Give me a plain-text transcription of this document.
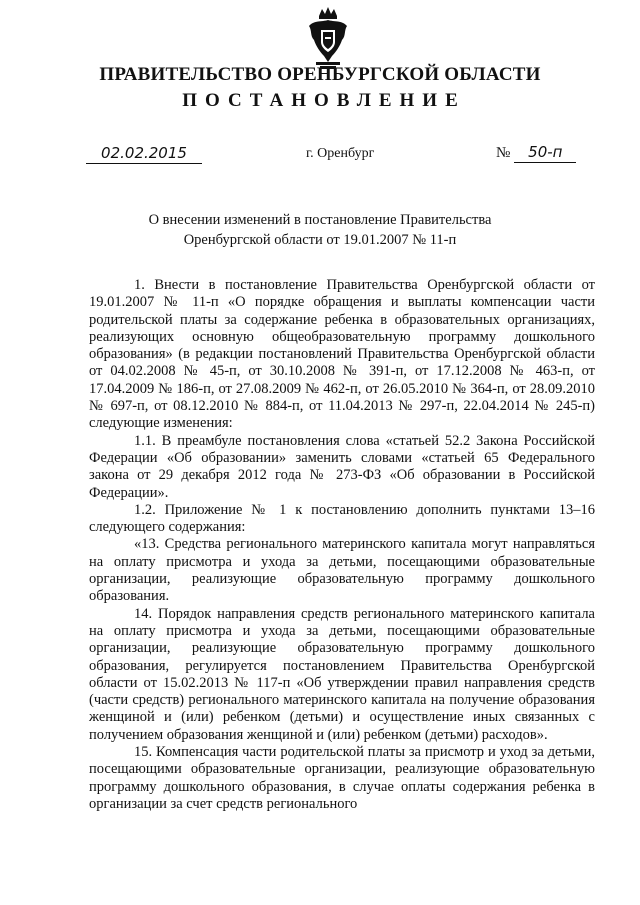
ПРАВИТЕЛЬСТВО ОРЕНБУРГСКОЙ ОБЛАСТИ
ПОСТАНОВЛЕНИЕ
02.02.2015	г. Оренбург	№ 50-п
О внесении изменений в постановление Правительства
Оренбургской области от 19.01.2007 № 11-п

1. Внести в постановление Правительства Оренбургской области от 19.01.2007 № 11-п «О порядке обращения и выплаты компенсации части родительской платы за содержание ребенка в образовательных организациях, реализующих основную общеобразовательную программу дошкольного образования» (в редакции постановлений Правительства Оренбургской области от 04.02.2008 № 45-п, от 30.10.2008 № 391-п, от 17.12.2008 № 463-п, от 17.04.2009 № 186-п, от 27.08.2009 № 462-п, от 26.05.2010 № 364-п, от 28.09.2010 № 697-п, от 08.12.2010 № 884-п, от 11.04.2013 № 297-п, 22.04.2014 № 245-п) следующие изменения:

1.1. В преамбуле постановления слова «статьей 52.2 Закона Российской Федерации «Об образовании» заменить словами «статьей 65 Федерального закона от 29 декабря 2012 года № 273-ФЗ «Об образовании в Российской Федерации».

1.2. Приложение № 1 к постановлению дополнить пунктами 13–16 следующего содержания:

«13. Средства регионального материнского капитала могут направляться на оплату присмотра и ухода за детьми, посещающими образовательные организации, реализующие образовательную программу дошкольного образования.

14. Порядок направления средств регионального материнского капитала на оплату присмотра и ухода за детьми, посещающими образовательные организации, реализующие образовательную программу дошкольного образования, регулируется постановлением Правительства Оренбургской области от 15.02.2013 № 117-п «Об утверждении правил направления средств (части средств) регионального материнского капитала на получение образования женщиной и (или) ребенком (детьми) и осуществление иных связанных с получением образования женщиной и (или) ребенком (детьми) расходов».

15. Компенсация части родительской платы за присмотр и уход за детьми, посещающими образовательные организации, реализующие образовательную программу дошкольного образования, в случае оплаты содержания ребенка в организации за счет средств регионального
